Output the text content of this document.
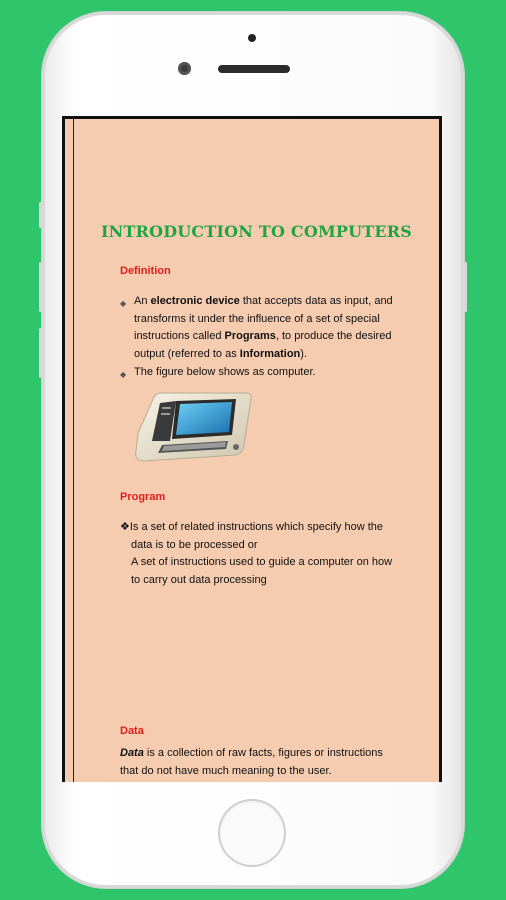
INTRODUCTION TO COMPUTERS
Definition
◆ An electronic device that accepts data as input, and
transforms it under the influence of a set of special
instructions called Programs, to produce the desired
output (referred to as Information).
◆ The figure below shows as computer.
Program
❖Is a set of related instructions which specify how the
data is to be processed or
A set of instructions used to guide a computer on how
to carry out data processing
Data
Data is a collection of raw facts, figures or instructions
that do not have much meaning to the user.
